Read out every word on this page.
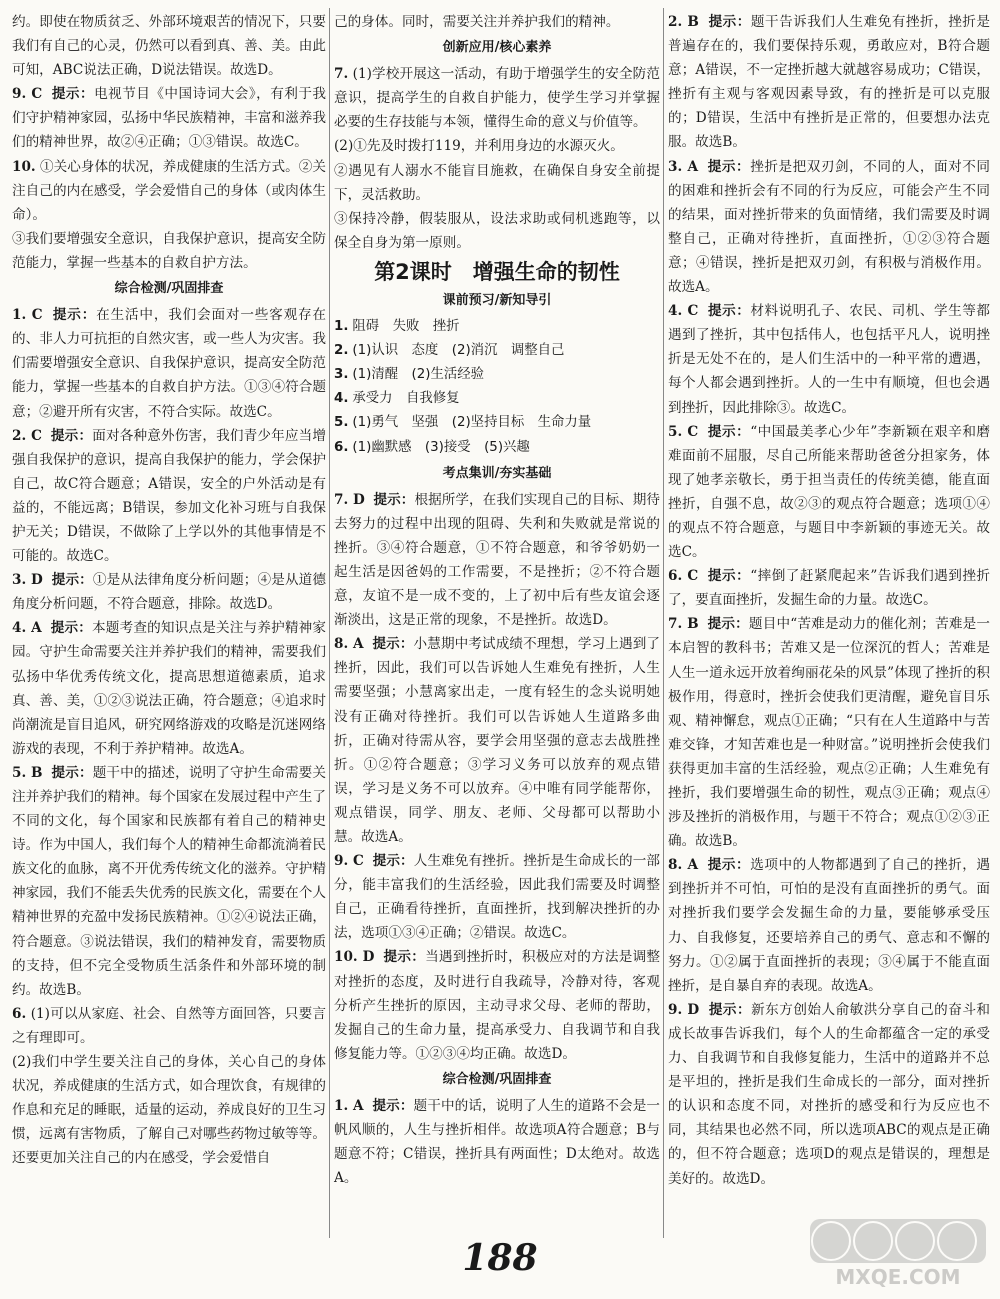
约。即使在物质贫乏、外部环境艰苦的情况下，只要我们有自己的心灵，仍然可以看到真、善、美。由此可知，ABC说法正确，D说法错误。故选D。

9. C 提示：电视节目《中国诗词大会》，有利于我们守护精神家园，弘扬中华民族精神，丰富和滋养我们的精神世界，故②④正确；①③错误。故选C。

10. ①关心身体的状况，养成健康的生活方式。②关注自己的内在感受，学会爱惜自己的身体（或肉体生命）。

③我们要增强安全意识，自我保护意识，提高安全防范能力，掌握一些基本的自救自护方法。

综合检测/巩固排查

1. C 提示：在生活中，我们会面对一些客观存在的、非人力可抗拒的自然灾害，或一些人为灾害。我们需要增强安全意识、自我保护意识，提高安全防范能力，掌握一些基本的自救自护方法。①③④符合题意；②避开所有灾害，不符合实际。故选C。

2. C 提示：面对各种意外伤害，我们青少年应当增强自我保护的意识，提高自我保护的能力，学会保护自己，故C符合题意；A错误，安全的户外活动是有益的，不能远离；B错误，参加文化补习班与自我保护无关；D错误，不做除了上学以外的其他事情是不可能的。故选C。

3. D 提示：①是从法律角度分析问题；④是从道德角度分析问题，不符合题意，排除。故选D。

4. A 提示：本题考查的知识点是关注与养护精神家园。守护生命需要关注并养护我们的精神，需要我们弘扬中华优秀传统文化，提高思想道德素质，追求真、善、美，①②③说法正确，符合题意；④追求时尚潮流是盲目追风，研究网络游戏的攻略是沉迷网络游戏的表现，不利于养护精神。故选A。

5. B 提示：题干中的描述，说明了守护生命需要关注并养护我们的精神。每个国家在发展过程中产生了不同的文化，每个国家和民族都有着自己的精神史诗。作为中国人，我们每个人的精神生命都流淌着民族文化的血脉，离不开优秀传统文化的滋养。守护精神家园，我们不能丢失优秀的民族文化，需要在个人精神世界的充盈中发扬民族精神。①②④说法正确，符合题意。③说法错误，我们的精神发育，需要物质的支持，但不完全受物质生活条件和外部环境的制约。故选B。

6. (1)可以从家庭、社会、自然等方面回答，只要言之有理即可。

(2)我们中学生要关注自己的身体，关心自己的身体状况，养成健康的生活方式，如合理饮食，有规律的作息和充足的睡眠，适量的运动，养成良好的卫生习惯，远离有害物质，了解自己对哪些药物过敏等等。还要更加关注自己的内在感受，学会爱惜自

己的身体。同时，需要关注并养护我们的精神。

创新应用/核心素养

7. (1)学校开展这一活动，有助于增强学生的安全防范意识，提高学生的自救自护能力，使学生学习并掌握必要的生存技能与本领，懂得生命的意义与价值等。

(2)①先及时拨打119，并利用身边的水源灭火。

②遇见有人溺水不能盲目施救，在确保自身安全前提下，灵活救助。

③保持冷静，假装服从，设法求助或伺机逃跑等，以保全自身为第一原则。

第2课时　增强生命的韧性
课前预习/新知导引

1. 阻碍　失败　挫折

2. (1)认识　态度　(2)消沉　调整自己

3. (1)清醒　(2)生活经验

4. 承受力　自我修复

5. (1)勇气　坚强　(2)坚持目标　生命力量

6. (1)幽默感　(3)接受　(5)兴趣

考点集训/夯实基础

7. D 提示：根据所学，在我们实现自己的目标、期待去努力的过程中出现的阻碍、失利和失败就是常说的挫折。③④符合题意，①不符合题意，和爷爷奶奶一起生活是因爸妈的工作需要，不是挫折；②不符合题意，友谊不是一成不变的，上了初中后有些友谊会逐渐淡出，这是正常的现象，不是挫折。故选D。

8. A 提示：小慧期中考试成绩不理想，学习上遇到了挫折，因此，我们可以告诉她人生难免有挫折，人生需要坚强；小慧离家出走，一度有轻生的念头说明她没有正确对待挫折。我们可以告诉她人生道路多曲折，正确对待需从容，要学会用坚强的意志去战胜挫折。①②符合题意；③学习义务可以放弃的观点错误，学习是义务不可以放弃。④中唯有同学能帮你，观点错误，同学、朋友、老师、父母都可以帮助小慧。故选A。

9. C 提示：人生难免有挫折。挫折是生命成长的一部分，能丰富我们的生活经验，因此我们需要及时调整自己，正确看待挫折，直面挫折，找到解决挫折的办法，选项①③④正确；②错误。故选C。

10. D 提示：当遇到挫折时，积极应对的方法是调整对挫折的态度，及时进行自我疏导，冷静对待，客观分析产生挫折的原因，主动寻求父母、老师的帮助，发掘自己的生命力量，提高承受力、自我调节和自我修复能力等。①②③④均正确。故选D。

综合检测/巩固排查

1. A 提示：题干中的话，说明了人生的道路不会是一帆风顺的，人生与挫折相伴。故选项A符合题意；B与题意不符；C错误，挫折具有两面性；D太绝对。故选A。

2. B 提示：题干告诉我们人生难免有挫折，挫折是普遍存在的，我们要保持乐观，勇敢应对，B符合题意；A错误，不一定挫折越大就越容易成功；C错误，挫折有主观与客观因素导致，有的挫折是可以克服的；D错误，生活中有挫折是正常的，但要想办法克服。故选B。

3. A 提示：挫折是把双刃剑，不同的人，面对不同的困难和挫折会有不同的行为反应，可能会产生不同的结果，面对挫折带来的负面情绪，我们需要及时调整自己，正确对待挫折，直面挫折，①②③符合题意；④错误，挫折是把双刃剑，有积极与消极作用。故选A。

4. C 提示：材料说明孔子、农民、司机、学生等都遇到了挫折，其中包括伟人，也包括平凡人，说明挫折是无处不在的，是人们生活中的一种平常的遭遇，每个人都会遇到挫折。人的一生中有顺境，但也会遇到挫折，因此排除③。故选C。

5. C 提示：“中国最美孝心少年”李新颖在艰辛和磨难面前不屈服，尽自己所能来帮助爸爸分担家务，体现了她孝亲敬长，勇于担当责任的传统美德，能直面挫折，自强不息，故②③的观点符合题意；选项①④的观点不符合题意，与题目中李新颖的事迹无关。故选C。

6. C 提示：“摔倒了赶紧爬起来”告诉我们遇到挫折了，要直面挫折，发掘生命的力量。故选C。

7. B 提示：题目中“苦难是动力的催化剂；苦难是一本启智的教科书；苦难又是一位深沉的哲人；苦难是人生一道永远开放着绚丽花朵的风景”体现了挫折的积极作用，得意时，挫折会使我们更清醒，避免盲目乐观、精神懈怠，观点①正确；“只有在人生道路中与苦难交锋，才知苦难也是一种财富。”说明挫折会使我们获得更加丰富的生活经验，观点②正确；人生难免有挫折，我们要增强生命的韧性，观点③正确；观点④涉及挫折的消极作用，与题干不符合；观点①②③正确。故选B。

8. A 提示：选项中的人物都遇到了自己的挫折，遇到挫折并不可怕，可怕的是没有直面挫折的勇气。面对挫折我们要学会发掘生命的力量，要能够承受压力、自我修复，还要培养自己的勇气、意志和不懈的努力。①②属于直面挫折的表现；③④属于不能直面挫折，是自暴自弃的表现。故选A。

9. D 提示：新东方创始人俞敏洪分享自己的奋斗和成长故事告诉我们，每个人的生命都蕴含一定的承受力、自我调节和自我修复能力，生活中的道路并不总是平坦的，挫折是我们生命成长的一部分，面对挫折的认识和态度不同，对挫折的感受和行为反应也不同，其结果也必然不同，所以选项ABC的观点是正确的，但不符合题意；选项D的观点是错误的，理想是美好的。故选D。

188	MXQE.COM
